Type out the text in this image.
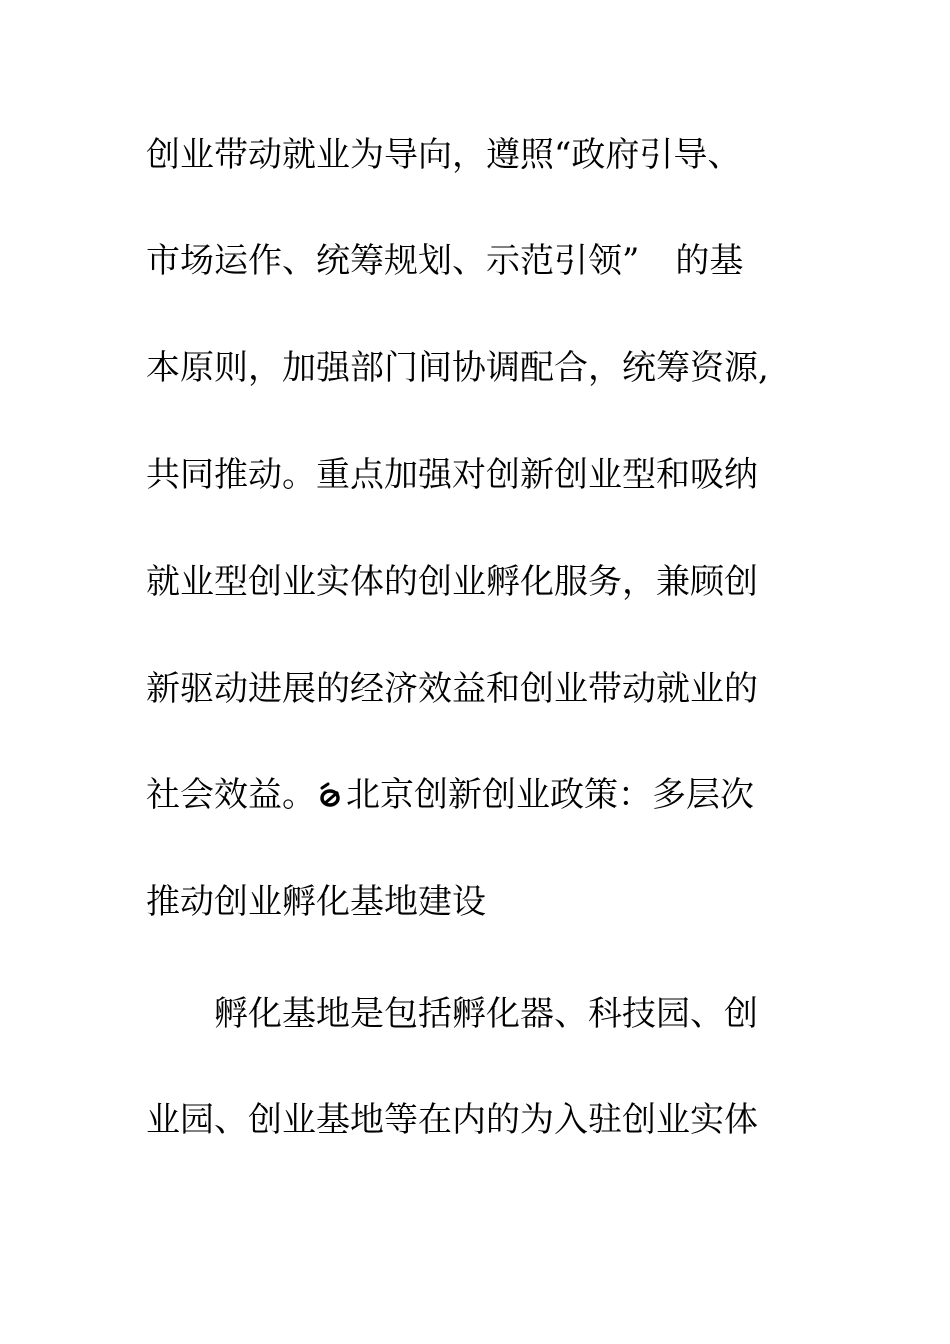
创业带动就业为导向，遵照“政府引导、
市场运作、统筹规划、示范引领” 的基
本原则，加强部门间协调配合，统筹资源,
共同推动。重点加强对创新创业型和吸纳
就业型创业实体的创业孵化服务，兼顾创
新驱动进展的经济效益和创业带动就业的
社会效益。 北京创新创业政策：多层次
推动创业孵化基地建设
孵化基地是包括孵化器、科技园、创
业园、创业基地等在内的为入驻创业实体
